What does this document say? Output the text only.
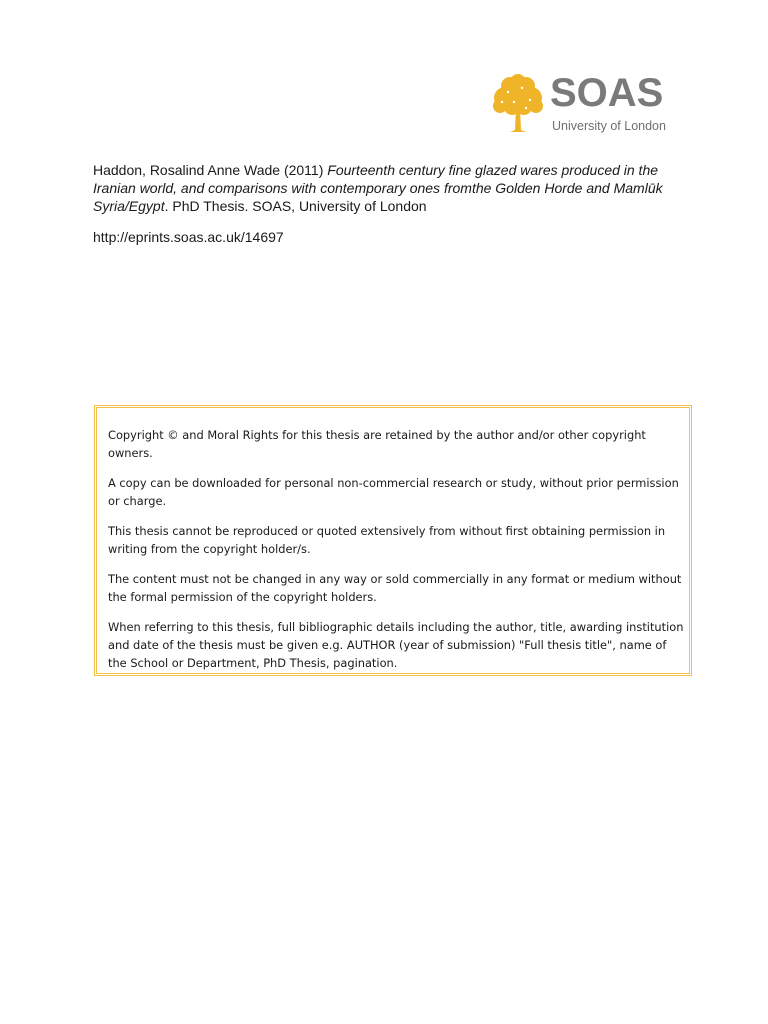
SOAS
University of London
Haddon, Rosalind Anne Wade (2011) Fourteenth century fine glazed wares produced in the Iranian world, and comparisons with contemporary ones fromthe Golden Horde and Mamlūk Syria/Egypt. PhD Thesis. SOAS, University of London
http://eprints.soas.ac.uk/14697

Copyright © and Moral Rights for this thesis are retained by the author and/or other copyright owners.

A copy can be downloaded for personal non-commercial research or study, without prior permission or charge.

This thesis cannot be reproduced or quoted extensively from without first obtaining permission in writing from the copyright holder/s.

The content must not be changed in any way or sold commercially in any format or medium without the formal permission of the copyright holders.

When referring to this thesis, full bibliographic details including the author, title, awarding institution and date of the thesis must be given e.g. AUTHOR (year of submission) "Full thesis title", name of the School or Department, PhD Thesis, pagination.
